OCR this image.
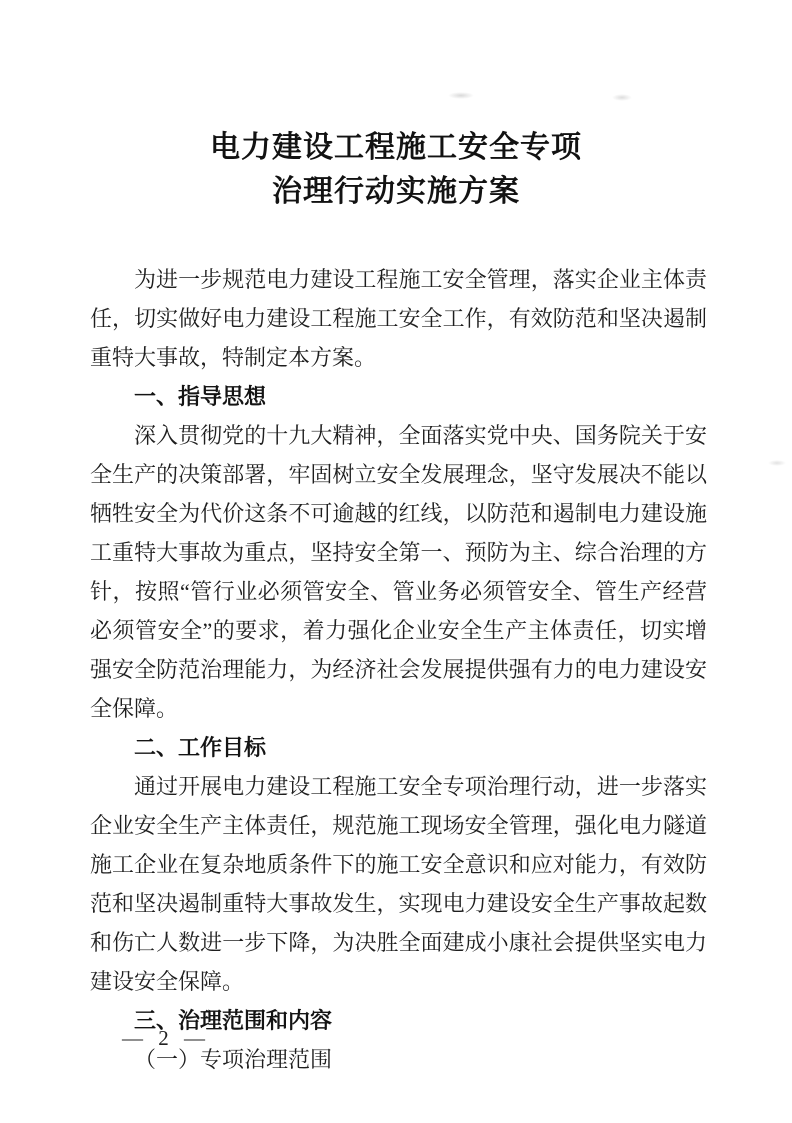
电力建设工程施工安全专项
治理行动实施方案

为进一步规范电力建设工程施工安全管理，落实企业主体责任，切实做好电力建设工程施工安全工作，有效防范和坚决遏制重特大事故，特制定本方案。

一、指导思想

深入贯彻党的十九大精神，全面落实党中央、国务院关于安全生产的决策部署，牢固树立安全发展理念，坚守发展决不能以牺牲安全为代价这条不可逾越的红线，以防范和遏制电力建设施工重特大事故为重点，坚持安全第一、预防为主、综合治理的方针，按照“管行业必须管安全、管业务必须管安全、管生产经营必须管安全”的要求，着力强化企业安全生产主体责任，切实增强安全防范治理能力，为经济社会发展提供强有力的电力建设安全保障。

二、工作目标

通过开展电力建设工程施工安全专项治理行动，进一步落实企业安全生产主体责任，规范施工现场安全管理，强化电力隧道施工企业在复杂地质条件下的施工安全意识和应对能力，有效防范和坚决遏制重特大事故发生，实现电力建设安全生产事故起数和伤亡人数进一步下降，为决胜全面建成小康社会提供坚实电力建设安全保障。

三、治理范围和内容

（一）专项治理范围

— 2 —
